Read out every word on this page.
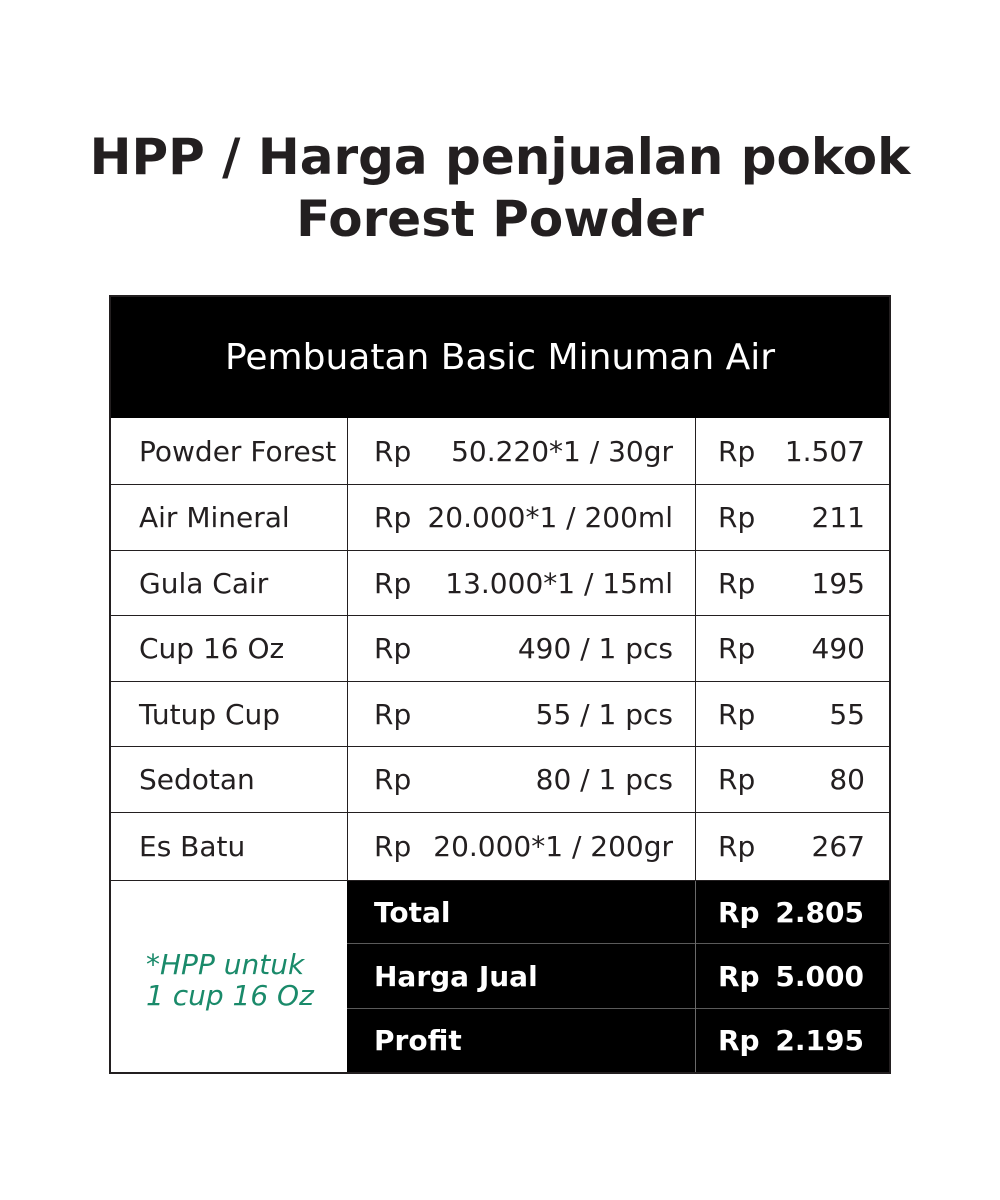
HPP / Harga penjualan pokok
Forest Powder
Pembuatan Basic Minuman Air
Powder Forest	Rp	50.220*1 / 30gr Rp	1.507
Air Mineral	Rp 20.000*1 / 200ml Rp	211
Gula Cair	Rp	13.000*1 / 15ml Rp	195
Cup 16 Oz	Rp	490 / 1 pcs Rp	490
Tutup Cup	Rp	55 / 1 pcs Rp	55
Sedotan	Rp	80 / 1 pcs Rp	80
Es Batu	Rp 20.000*1 / 200gr Rp	267
*HPP untuk
1 cup 16 Oz
Total	Rp 2.805
Harga Jual	Rp 5.000
Profit	Rp 2.195
